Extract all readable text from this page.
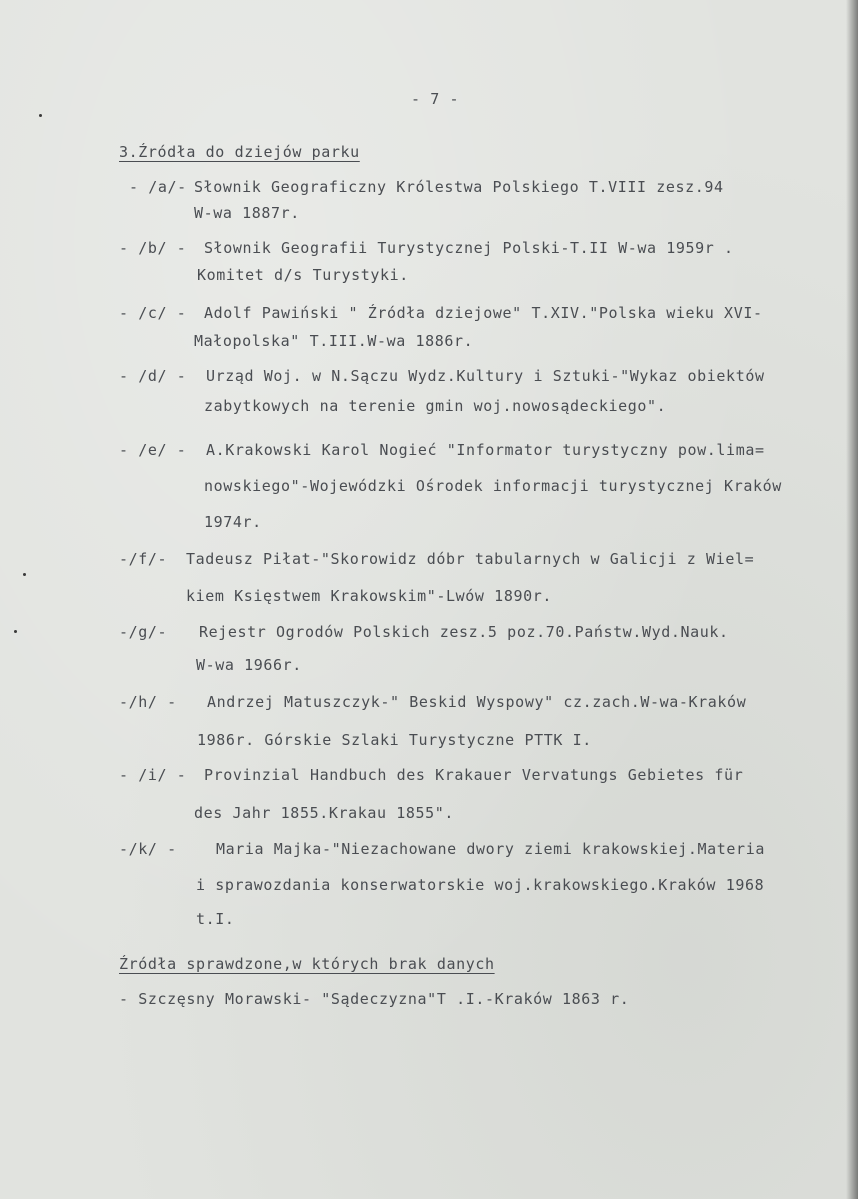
- 7 -
3.Źródła do dziejów parku
- /a/- Słownik Geograficzny Królestwa Polskiego T.VIII zesz.94
W-wa 1887r.
- /b/ - Słownik Geografii Turystycznej Polski-T.II W-wa 1959r .
Komitet d/s Turystyki.
- /c/ - Adolf Pawiński " Źródła dziejowe" T.XIV."Polska wieku XVI-
Małopolska" T.III.W-wa 1886r.
- /d/ - Urząd Woj. w N.Sączu Wydz.Kultury i Sztuki-"Wykaz obiektów
zabytkowych na terenie gmin woj.nowosądeckiego".
- /e/ - A.Krakowski Karol Nogieć "Informator turystyczny pow.lima=
nowskiego"-Wojewódzki Ośrodek informacji turystycznej Kraków
1974r.
-/f/- Tadeusz Piłat-"Skorowidz dóbr tabularnych w Galicji z Wiel=
kiem Księstwem Krakowskim"-Lwów 1890r.
-/g/- Rejestr Ogrodów Polskich zesz.5 poz.70.Państw.Wyd.Nauk.
W-wa 1966r.
-/h/ - Andrzej Matuszczyk-" Beskid Wyspowy" cz.zach.W-wa-Kraków
1986r. Górskie Szlaki Turystyczne PTTK I.
- /i/ - Provinzial Handbuch des Krakauer Vervatungs Gebietes für
des Jahr 1855.Krakau 1855".
-/k/ -	Maria Majka-"Niezachowane dwory ziemi krakowskiej.Materia
i sprawozdania konserwatorskie woj.krakowskiego.Kraków 1968
t.I.
Źródła sprawdzone,w których brak danych
- Szczęsny Morawski- "Sądeczyzna"T .I.-Kraków 1863 r.
